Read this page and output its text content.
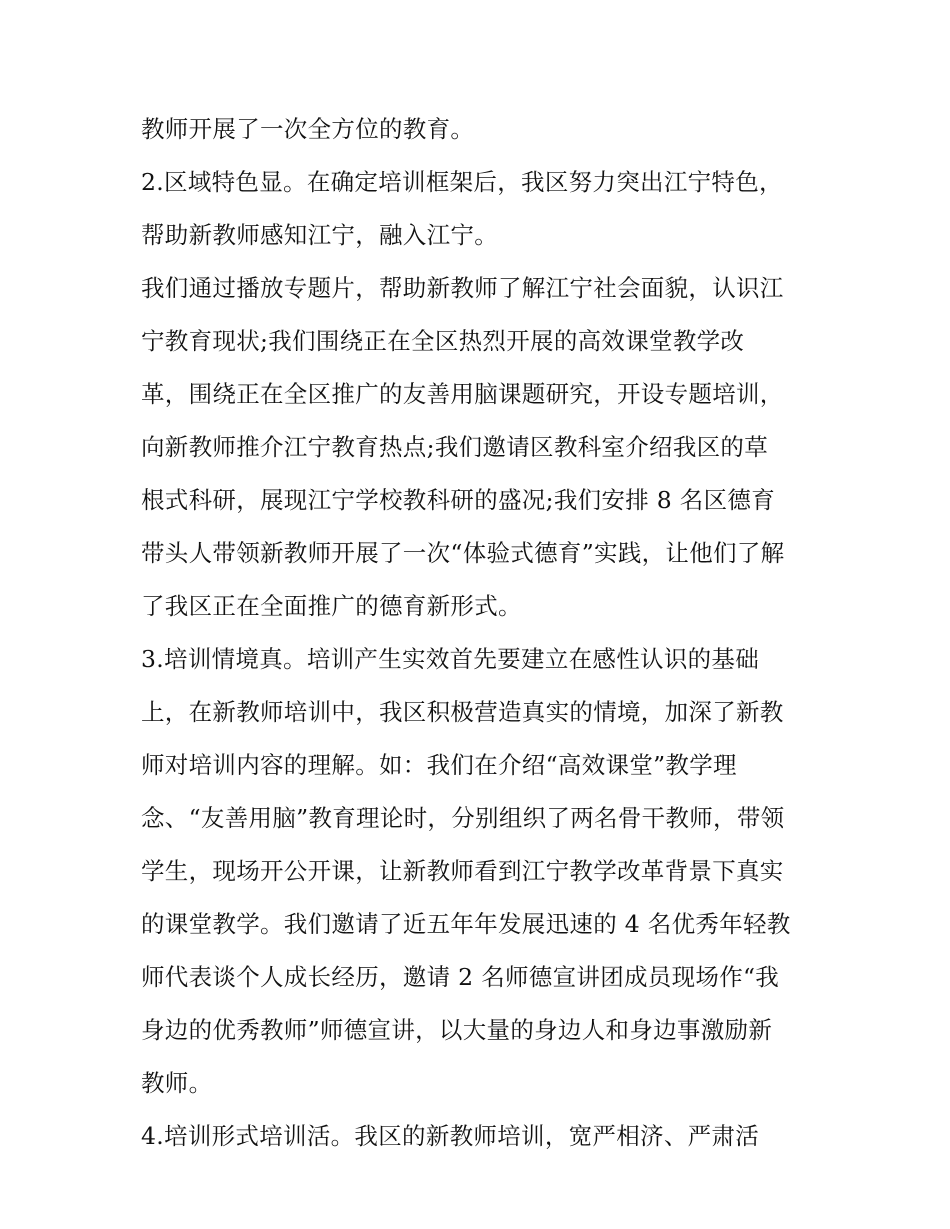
教师开展了一次全方位的教育。
2.区域特色显。在确定培训框架后，我区努力突出江宁特色，
帮助新教师感知江宁，融入江宁。
我们通过播放专题片，帮助新教师了解江宁社会面貌，认识江
宁教育现状;我们围绕正在全区热烈开展的高效课堂教学改
革，围绕正在全区推广的友善用脑课题研究，开设专题培训，
向新教师推介江宁教育热点;我们邀请区教科室介绍我区的草
根式科研，展现江宁学校教科研的盛况;我们安排 8 名区德育
带头人带领新教师开展了一次“体验式德育”实践，让他们了解
了我区正在全面推广的德育新形式。
3.培训情境真。培训产生实效首先要建立在感性认识的基础
上，在新教师培训中，我区积极营造真实的情境，加深了新教
师对培训内容的理解。如：我们在介绍“高效课堂”教学理
念、“友善用脑”教育理论时，分别组织了两名骨干教师，带领
学生，现场开公开课，让新教师看到江宁教学改革背景下真实
的课堂教学。我们邀请了近五年年发展迅速的 4 名优秀年轻教
师代表谈个人成长经历，邀请 2 名师德宣讲团成员现场作“我
身边的优秀教师”师德宣讲，以大量的身边人和身边事激励新
教师。
4.培训形式培训活。我区的新教师培训，宽严相济、严肃活
